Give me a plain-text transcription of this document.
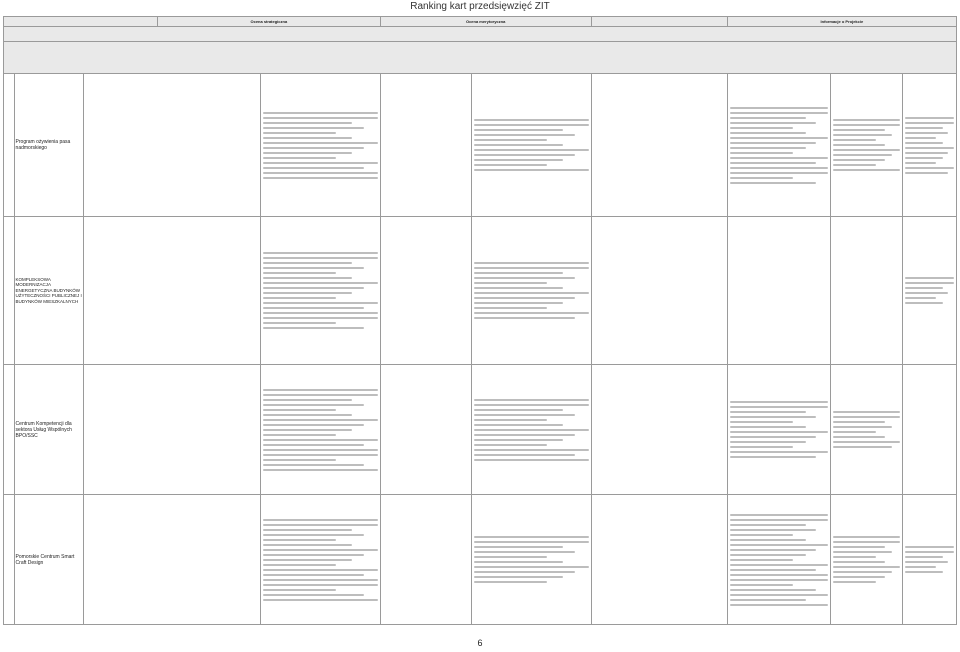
Ranking kart przedsięwzięć ZIT
			Ocena strategiczna		Ocena merytoryczna			Informacje o Projekcie		

	Program ożywienia pasa nadmorskiego			

	KOMPLEKSOWA MODERNIZACJA ENERGETYCZNA BUDYNKÓW UŻYTECZNOŚCI PUBLICZNEJ I BUDYNKÓW MIESZKALNYCH			

	Centrum Kompetencji dla sektora Usług Wspólnych BPO/SSC			

	Pomorskie Centrum Smart Craft Design			

6
